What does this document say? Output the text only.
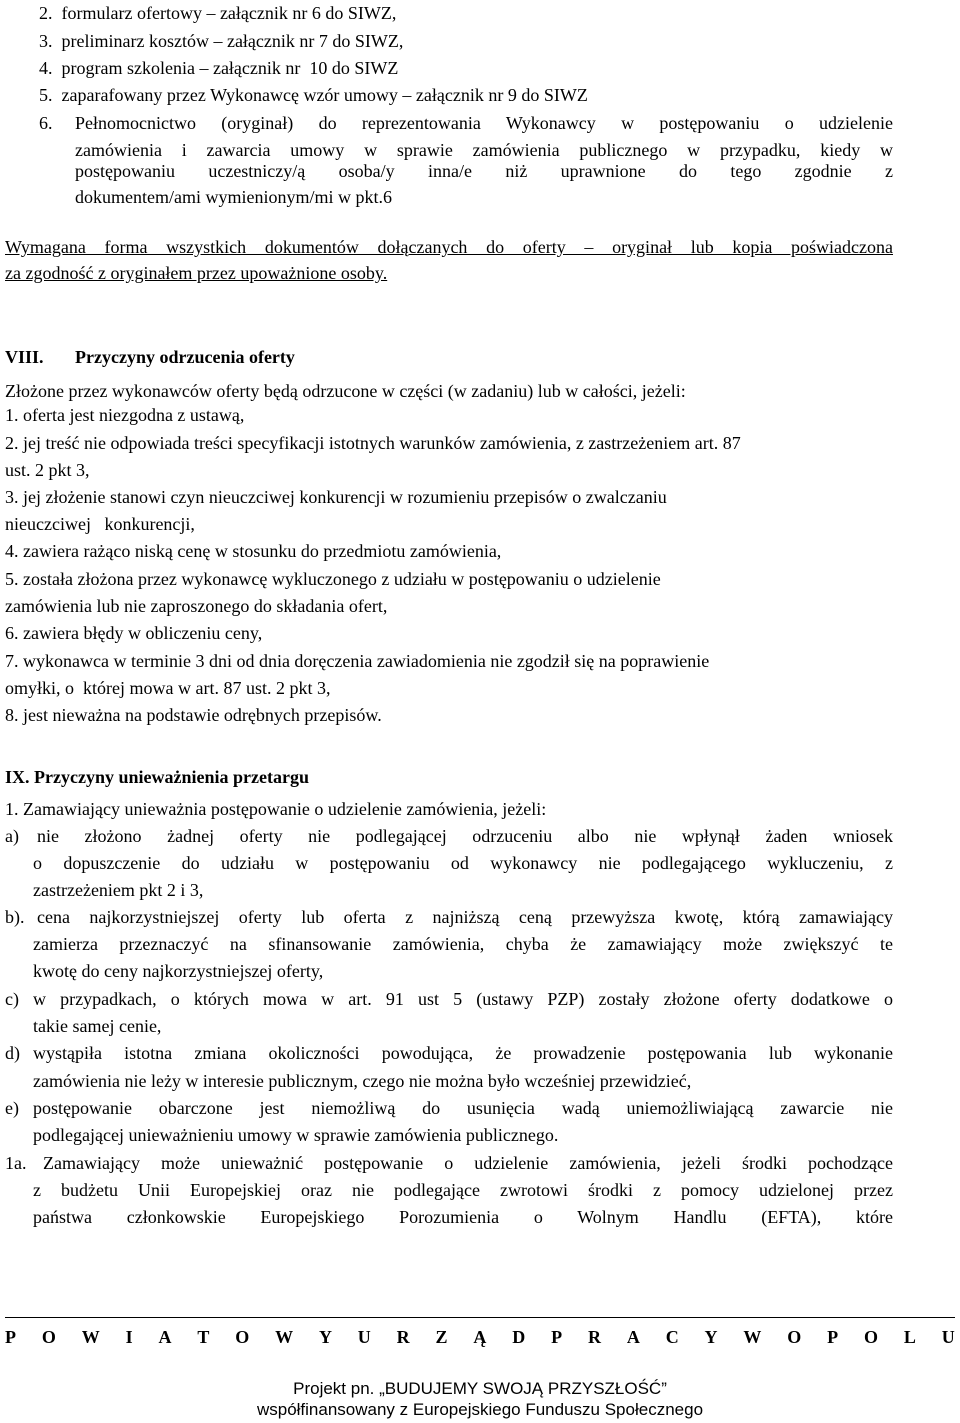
2.  formularz ofertowy – załącznik nr 6 do SIWZ,
3.  preliminarz kosztów – załącznik nr 7 do SIWZ,
4.  program szkolenia – załącznik nr  10 do SIWZ
5.  zaparafowany przez Wykonawcę wzór umowy – załącznik nr 9 do SIWZ
6. Pełnomocnictwo (oryginał) do reprezentowania Wykonawcy w postępowaniu o udzielenie
zamówienia i zawarcia umowy w sprawie zamówienia publicznego w przypadku, kiedy w
postępowaniu uczestniczy/ą osoba/y inna/e niż uprawnione do tego zgodnie z
dokumentem/ami wymienionym/mi w pkt.6
Wymagana forma wszystkich dokumentów dołączanych do oferty – oryginał lub kopia poświadczona
za zgodność z oryginałem przez upoważnione osoby.
VIII. Przyczyny odrzucenia oferty
Złożone przez wykonawców oferty będą odrzucone w części (w zadaniu) lub w całości, jeżeli:
1. oferta jest niezgodna z ustawą,
2. jej treść nie odpowiada treści specyfikacji istotnych warunków zamówienia, z zastrzeżeniem art. 87
ust. 2 pkt 3,
3. jej złożenie stanowi czyn nieuczciwej konkurencji w rozumieniu przepisów o zwalczaniu
nieuczciwej   konkurencji,
4. zawiera rażąco niską cenę w stosunku do przedmiotu zamówienia,
5. została złożona przez wykonawcę wykluczonego z udziału w postępowaniu o udzielenie
zamówienia lub nie zaproszonego do składania ofert,
6. zawiera błędy w obliczeniu ceny,
7. wykonawca w terminie 3 dni od dnia doręczenia zawiadomienia nie zgodził się na poprawienie
omyłki, o  której mowa w art. 87 ust. 2 pkt 3,
8. jest nieważna na podstawie odrębnych przepisów.
IX. Przyczyny unieważnienia przetargu
1. Zamawiający unieważnia postępowanie o udzielenie zamówienia, jeżeli:
a) nie złożono żadnej oferty nie podlegającej odrzuceniu albo nie wpłynął żaden wniosek
o dopuszczenie do udziału w postępowaniu od wykonawcy nie podlegającego wykluczeniu, z
zastrzeżeniem pkt 2 i 3,
b). cena najkorzystniejszej oferty lub oferta z najniższą ceną przewyższa kwotę, którą zamawiający
zamierza przeznaczyć na sfinansowanie zamówienia, chyba że zamawiający może zwiększyć te
kwotę do ceny najkorzystniejszej oferty,
c) w przypadkach, o których mowa w art. 91 ust 5 (ustawy PZP) zostały złożone oferty dodatkowe o
takie samej cenie,
d) wystąpiła istotna zmiana okoliczności powodująca, że prowadzenie postępowania lub wykonanie
zamówienia nie leży w interesie publicznym, czego nie można było wcześniej przewidzieć,
e) postępowanie obarczone jest niemożliwą do usunięcia wadą uniemożliwiającą zawarcie nie
podlegającej unieważnieniu umowy w sprawie zamówienia publicznego.
1a. Zamawiający może unieważnić postępowanie o udzielenie zamówienia, jeżeli środki pochodzące
z budżetu Unii Europejskiej oraz nie podlegające zwrotowi środki z pomocy udzielonej przez
państwa członkowskie Europejskiego Porozumienia o Wolnym Handlu (EFTA), które
P O W I A T O W Y U R Z Ą D P R A C Y W O P O L U
Projekt pn. „BUDUJEMY SWOJĄ PRZYSZŁOŚĆ”
współfinansowany z Europejskiego Funduszu Społecznego
